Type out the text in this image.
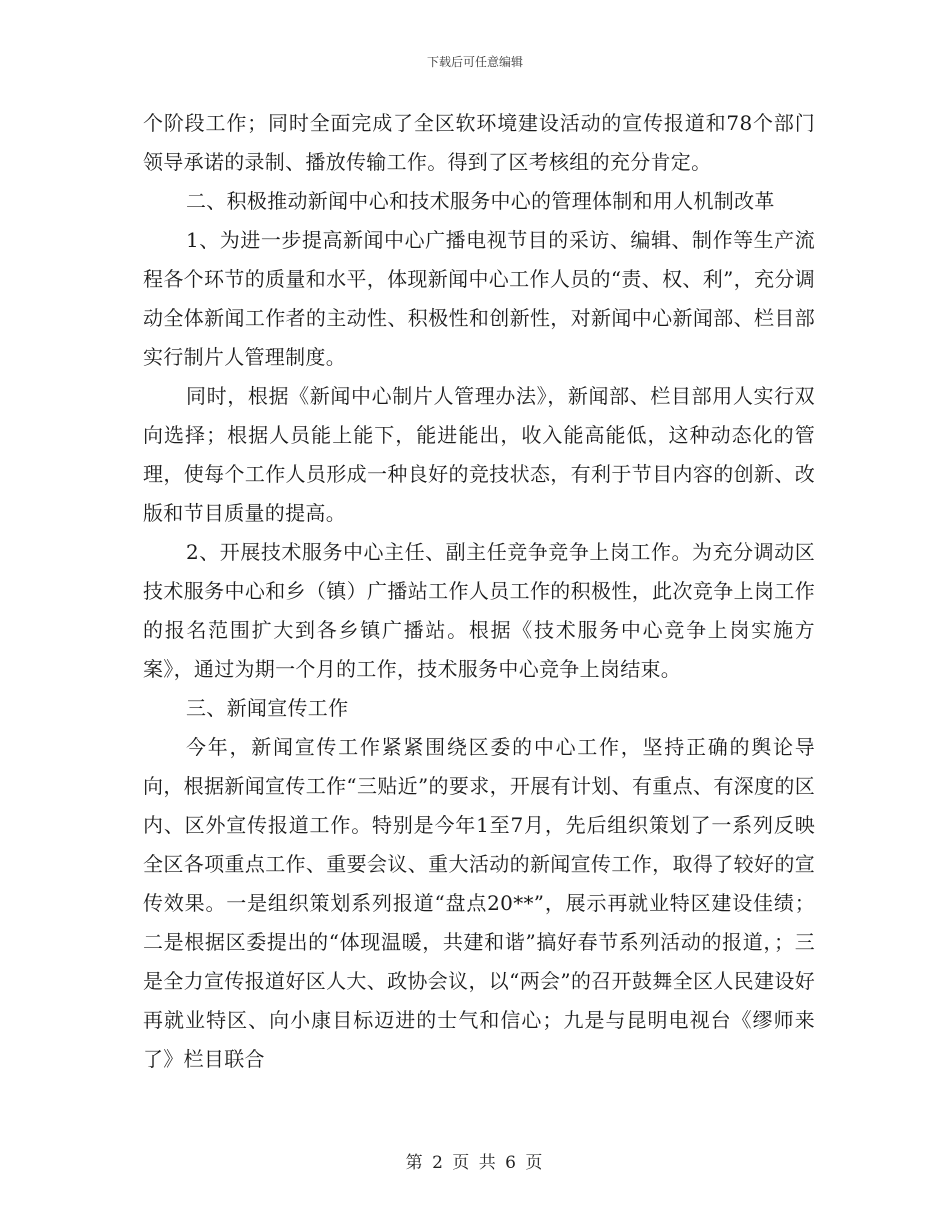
下载后可任意编辑

个阶段工作；同时全面完成了全区软环境建设活动的宣传报道和78个部门领导承诺的录制、播放传输工作。得到了区考核组的充分肯定。

二、积极推动新闻中心和技术服务中心的管理体制和用人机制改革

1、为进一步提高新闻中心广播电视节目的采访、编辑、制作等生产流程各个环节的质量和水平，体现新闻中心工作人员的“责、权、利”，充分调动全体新闻工作者的主动性、积极性和创新性，对新闻中心新闻部、栏目部实行制片人管理制度。

同时，根据《新闻中心制片人管理办法》，新闻部、栏目部用人实行双向选择；根据人员能上能下，能进能出，收入能高能低，这种动态化的管理，使每个工作人员形成一种良好的竞技状态，有利于节目内容的创新、改版和节目质量的提高。

2、开展技术服务中心主任、副主任竞争竞争上岗工作。为充分调动区技术服务中心和乡（镇）广播站工作人员工作的积极性，此次竞争上岗工作的报名范围扩大到各乡镇广播站。根据《技术服务中心竞争上岗实施方案》，通过为期一个月的工作，技术服务中心竞争上岗结束。

三、新闻宣传工作

今年，新闻宣传工作紧紧围绕区委的中心工作，坚持正确的舆论导向，根据新闻宣传工作“三贴近”的要求，开展有计划、有重点、有深度的区内、区外宣传报道工作。特别是今年1至7月，先后组织策划了一系列反映全区各项重点工作、重要会议、重大活动的新闻宣传工作，取得了较好的宣传效果。一是组织策划系列报道“盘点20**”，展示再就业特区建设佳绩；二是根据区委提出的“体现温暖，共建和谐”搞好春节系列活动的报道，；三是全力宣传报道好区人大、政协会议，以“两会”的召开鼓舞全区人民建设好再就业特区、向小康目标迈进的士气和信心；九是与昆明电视台《缪师来了》栏目联合

第 2 页 共 6 页
